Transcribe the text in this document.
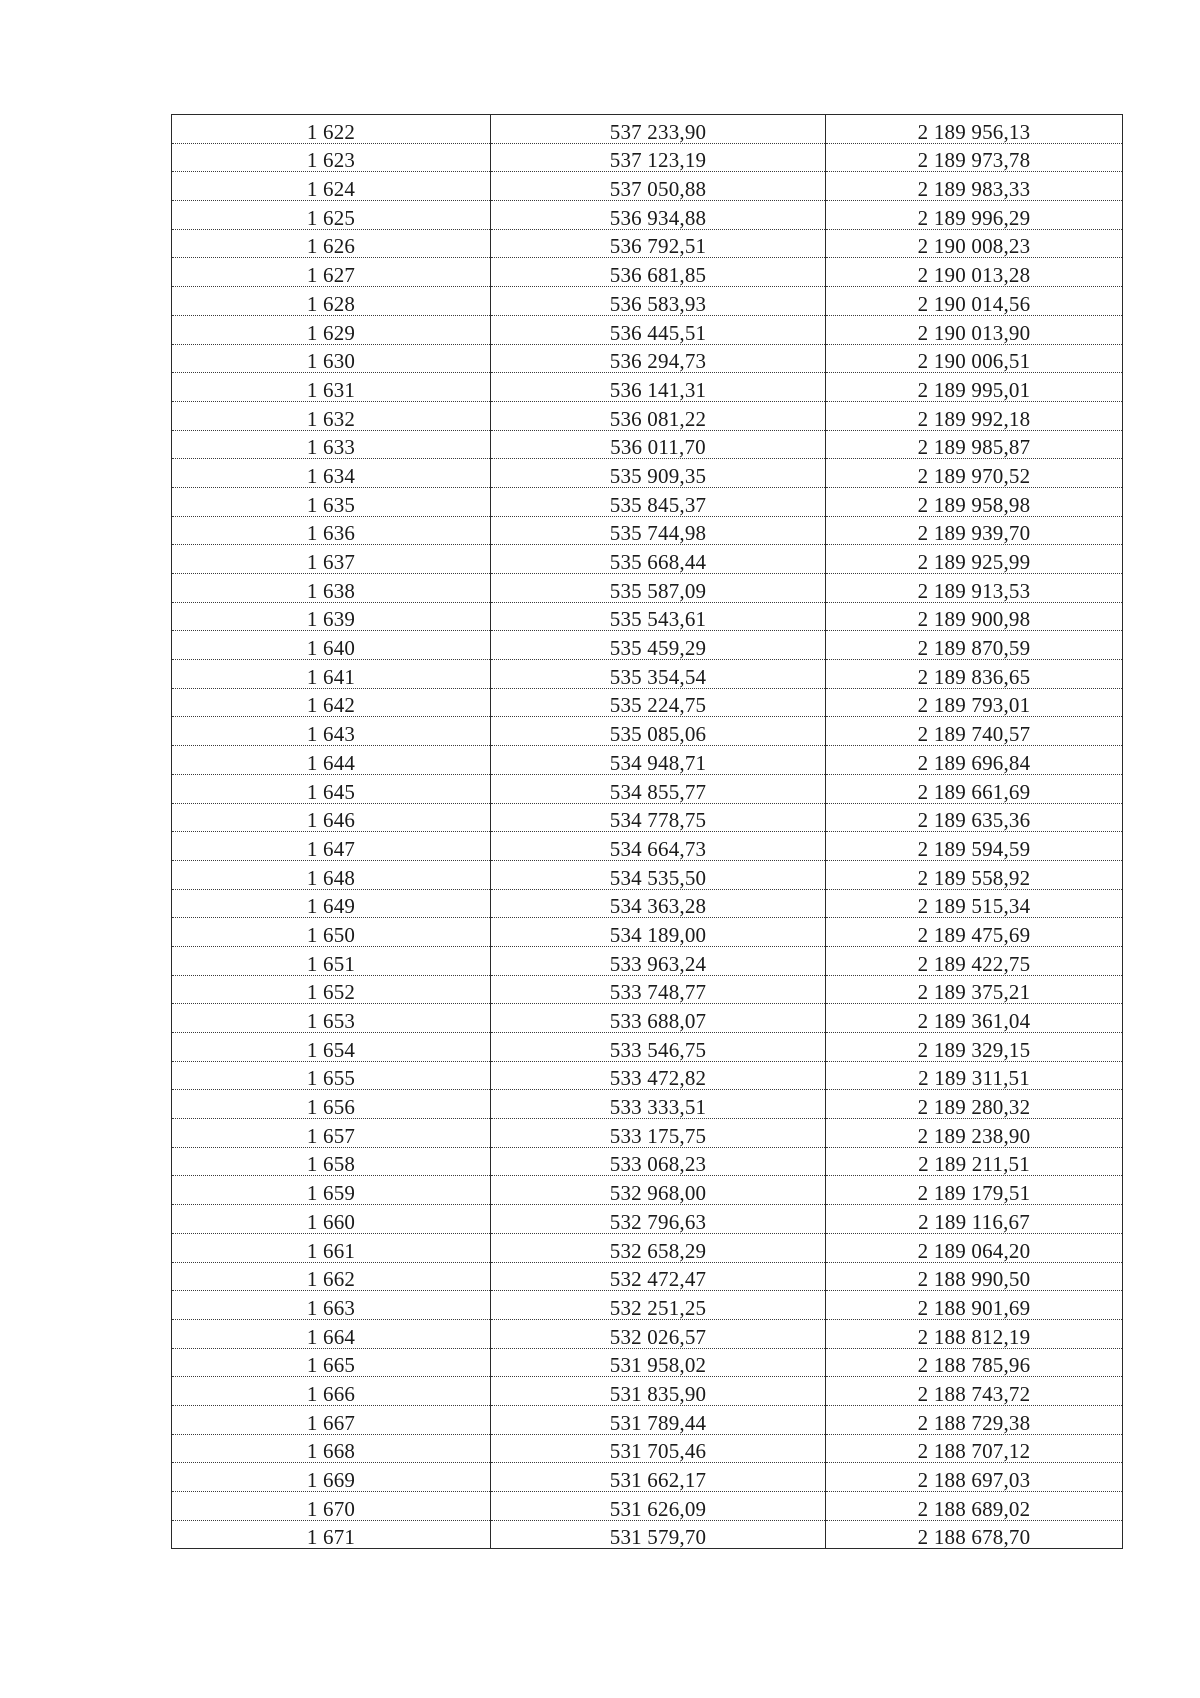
1 622	537 233,90	2 189 956,13
1 623	537 123,19	2 189 973,78
1 624	537 050,88	2 189 983,33
1 625	536 934,88	2 189 996,29
1 626	536 792,51	2 190 008,23
1 627	536 681,85	2 190 013,28
1 628	536 583,93	2 190 014,56
1 629	536 445,51	2 190 013,90
1 630	536 294,73	2 190 006,51
1 631	536 141,31	2 189 995,01
1 632	536 081,22	2 189 992,18
1 633	536 011,70	2 189 985,87
1 634	535 909,35	2 189 970,52
1 635	535 845,37	2 189 958,98
1 636	535 744,98	2 189 939,70
1 637	535 668,44	2 189 925,99
1 638	535 587,09	2 189 913,53
1 639	535 543,61	2 189 900,98
1 640	535 459,29	2 189 870,59
1 641	535 354,54	2 189 836,65
1 642	535 224,75	2 189 793,01
1 643	535 085,06	2 189 740,57
1 644	534 948,71	2 189 696,84
1 645	534 855,77	2 189 661,69
1 646	534 778,75	2 189 635,36
1 647	534 664,73	2 189 594,59
1 648	534 535,50	2 189 558,92
1 649	534 363,28	2 189 515,34
1 650	534 189,00	2 189 475,69
1 651	533 963,24	2 189 422,75
1 652	533 748,77	2 189 375,21
1 653	533 688,07	2 189 361,04
1 654	533 546,75	2 189 329,15
1 655	533 472,82	2 189 311,51
1 656	533 333,51	2 189 280,32
1 657	533 175,75	2 189 238,90
1 658	533 068,23	2 189 211,51
1 659	532 968,00	2 189 179,51
1 660	532 796,63	2 189 116,67
1 661	532 658,29	2 189 064,20
1 662	532 472,47	2 188 990,50
1 663	532 251,25	2 188 901,69
1 664	532 026,57	2 188 812,19
1 665	531 958,02	2 188 785,96
1 666	531 835,90	2 188 743,72
1 667	531 789,44	2 188 729,38
1 668	531 705,46	2 188 707,12
1 669	531 662,17	2 188 697,03
1 670	531 626,09	2 188 689,02
1 671	531 579,70	2 188 678,70
